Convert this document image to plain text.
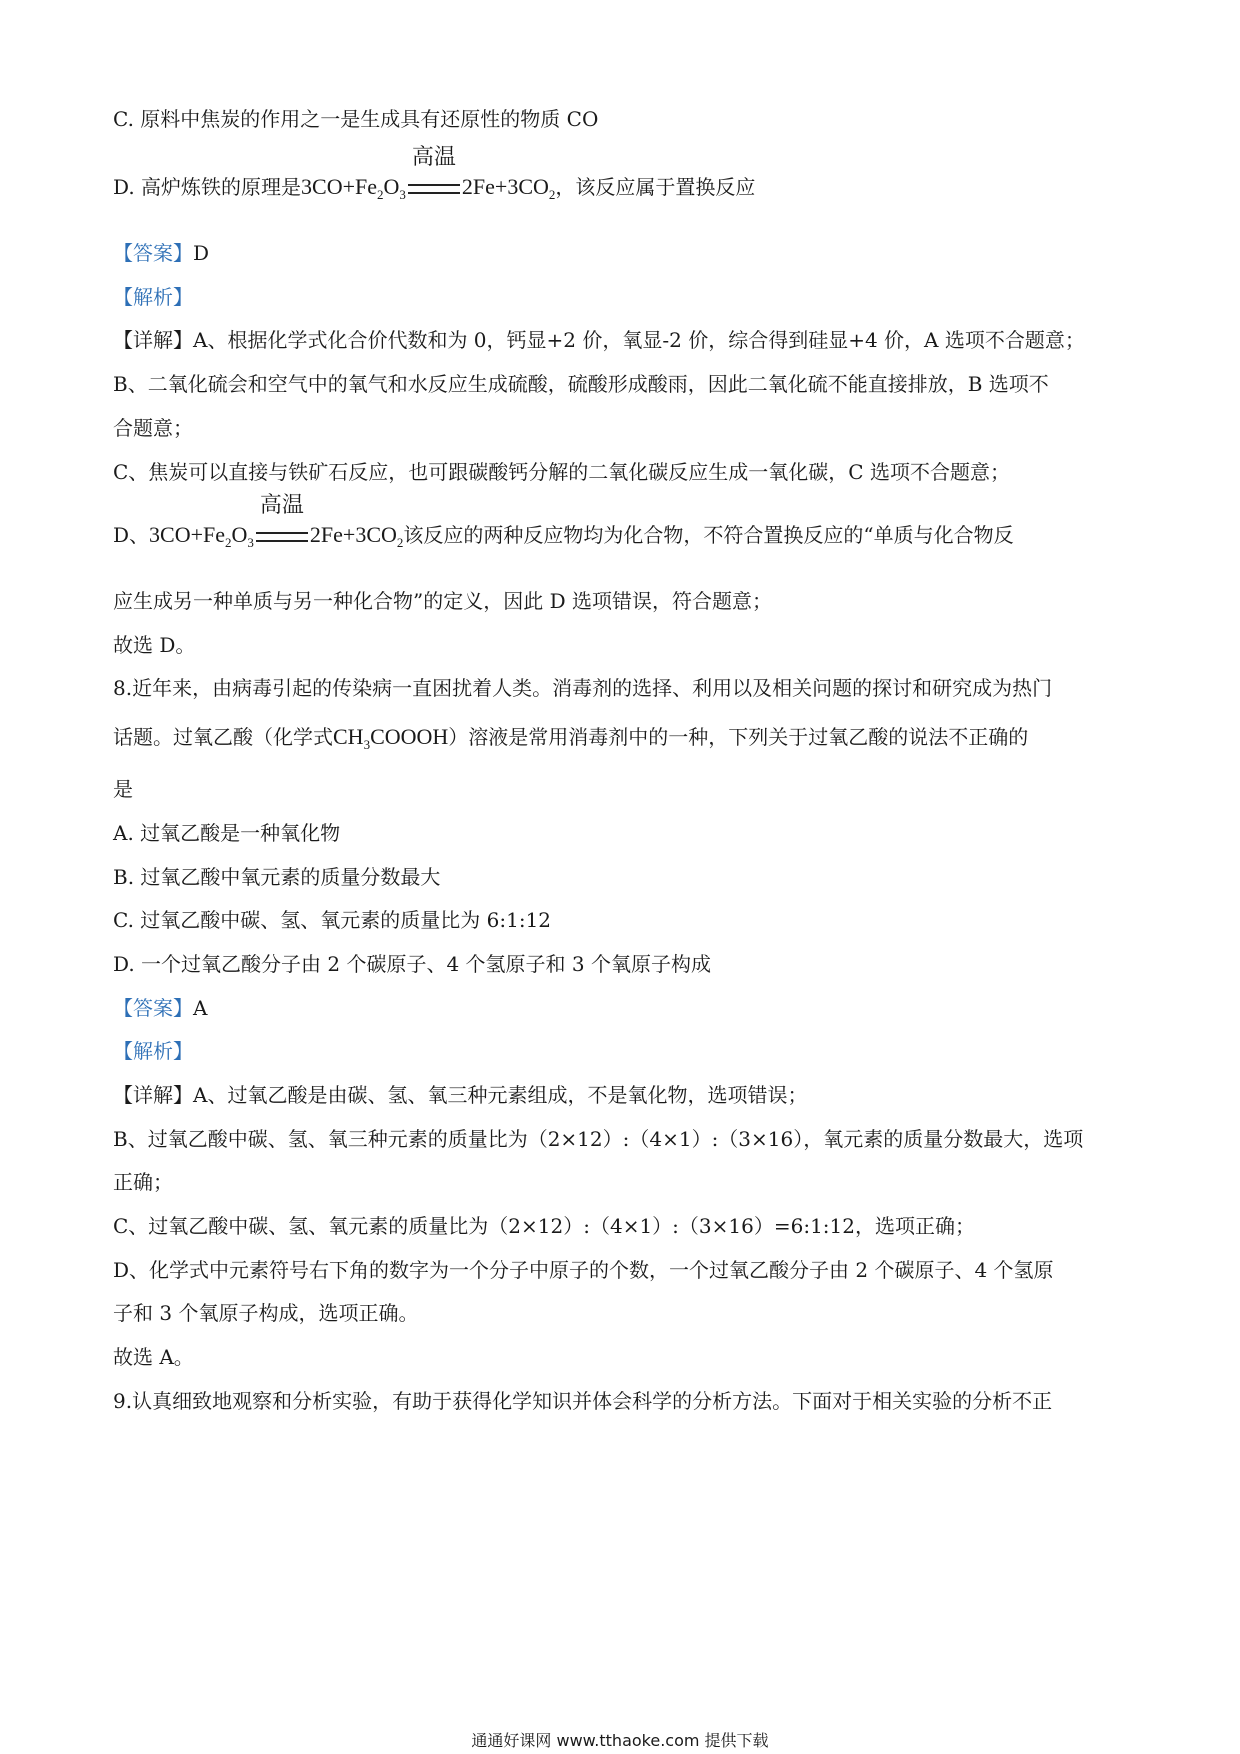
C. 原料中焦炭的作用之一是生成具有还原性的物质 CO
D. 高炉炼铁的原理是$3CO+Fe_2O_3$
高温
$2Fe+3CO_2$，该反应属于置换反应
【答案】D
【解析】
【详解】A、根据化学式化合价代数和为 0，钙显+2 价，氧显-2 价，综合得到硅显+4 价，A 选项不合题意；
B、二氧化硫会和空气中的氧气和水反应生成硫酸，硫酸形成酸雨，因此二氧化硫不能直接排放，B 选项不
合题意；
C、焦炭可以直接与铁矿石反应，也可跟碳酸钙分解的二氧化碳反应生成一氧化碳，C 选项不合题意；
D、$3CO+Fe_2O_3$
高温
$2Fe+3CO_2$该反应的两种反应物均为化合物，不符合置换反应的“单质与化合物反
应生成另一种单质与另一种化合物”的定义，因此 D 选项错误，符合题意；
故选 D。
8.近年来，由病毒引起的传染病一直困扰着人类。消毒剂的选择、利用以及相关问题的探讨和研究成为热门
话题。过氧乙酸（化学式$CH_3COOOH$）溶液是常用消毒剂中的一种，下列关于过氧乙酸的说法不正确的
是
A. 过氧乙酸是一种氧化物
B. 过氧乙酸中氧元素的质量分数最大
C. 过氧乙酸中碳、氢、氧元素的质量比为 6:1:12
D. 一个过氧乙酸分子由 2 个碳原子、4 个氢原子和 3 个氧原子构成
【答案】A
【解析】
【详解】A、过氧乙酸是由碳、氢、氧三种元素组成，不是氧化物，选项错误；
B、过氧乙酸中碳、氢、氧三种元素的质量比为（2×12）:（4×1）:（3×16），氧元素的质量分数最大，选项
正确；
C、过氧乙酸中碳、氢、氧元素的质量比为（2×12）:（4×1）:（3×16）=6:1:12，选项正确；
D、化学式中元素符号右下角的数字为一个分子中原子的个数，一个过氧乙酸分子由 2 个碳原子、4 个氢原
子和 3 个氧原子构成，选项正确。
故选 A。
9.认真细致地观察和分析实验，有助于获得化学知识并体会科学的分析方法。下面对于相关实验的分析不正
通通好课网 www.tthaoke.com 提供下载
